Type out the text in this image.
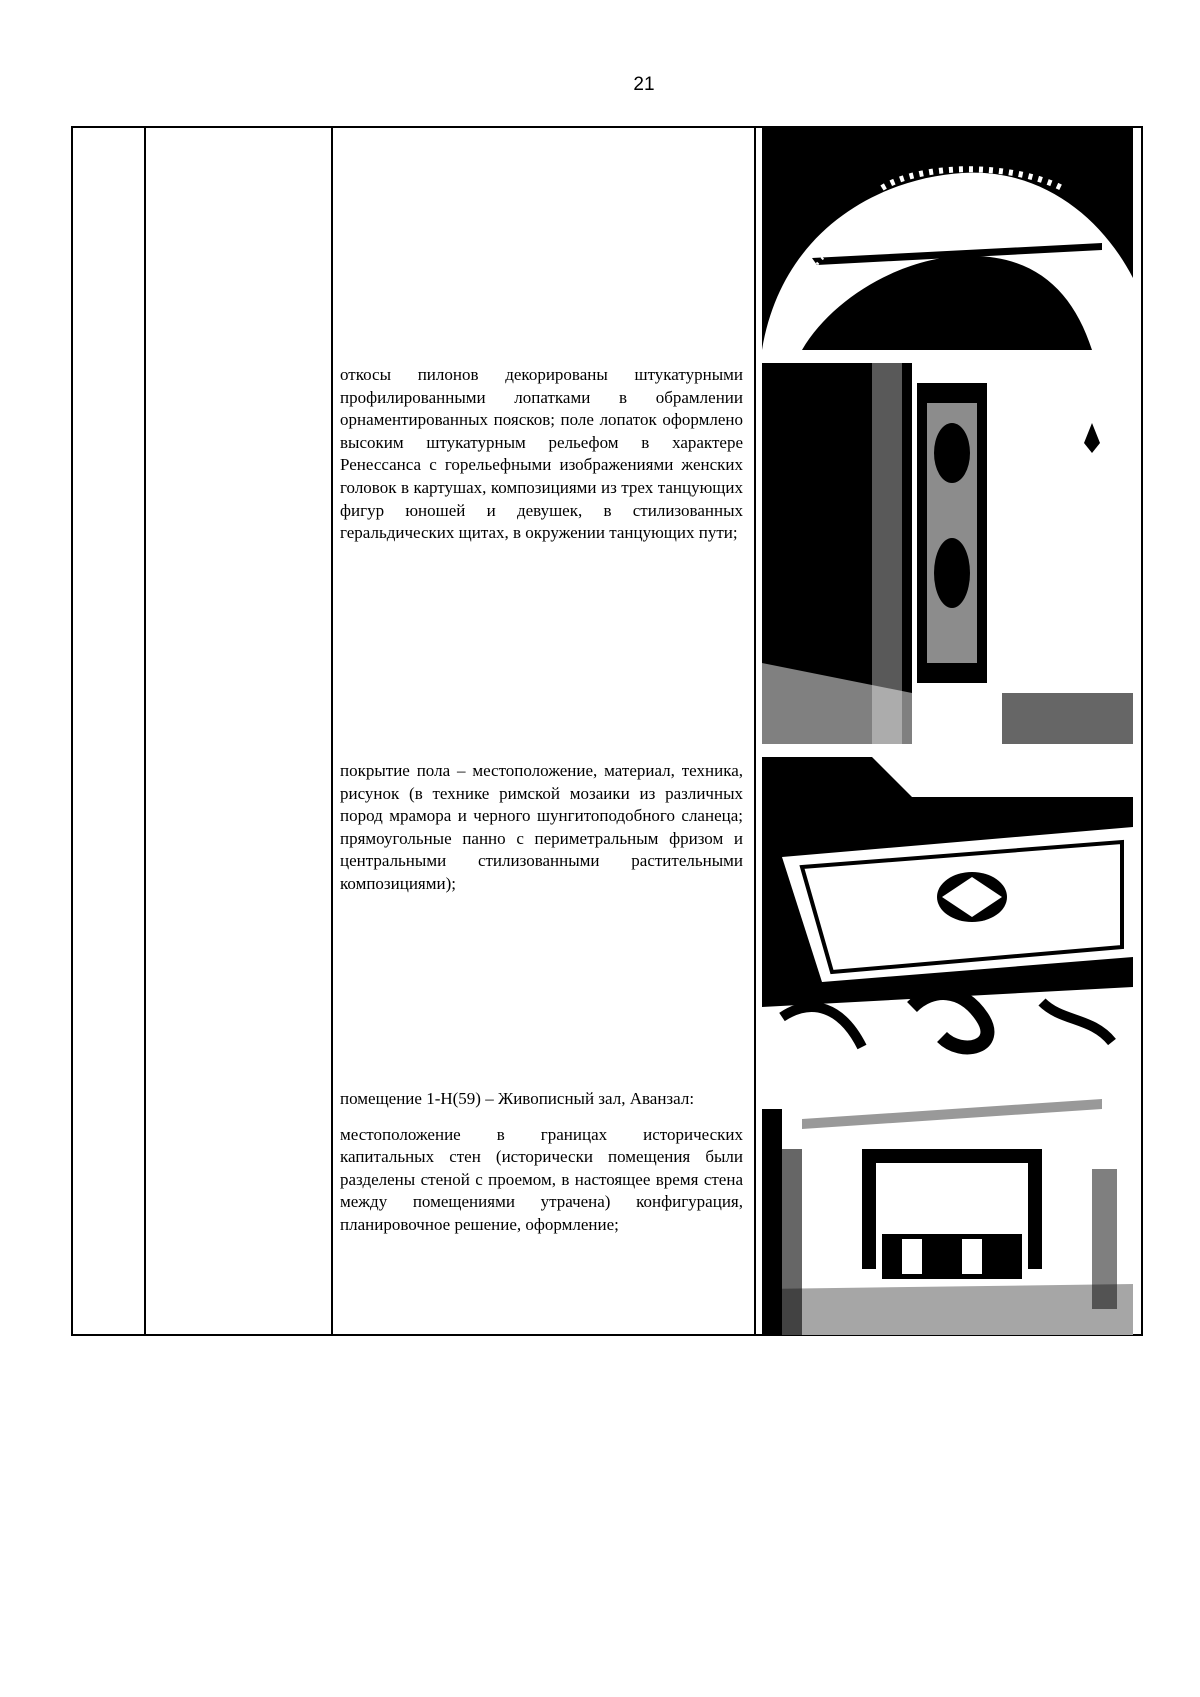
21

откосы пилонов декорированы штукатурными профилированными лопатками в обрамлении орнаментированных поясков; поле лопаток оформлено высоким штукатурным рельефом в характере Ренессанса с горельефными изображениями женских головок в картушах, композициями из трех танцующих фигур юношей и девушек, в стилизованных геральдических щитах, в окружении танцующих пути;

покрытие пола – местоположение, материал, техника, рисунок (в технике римской мозаики из различных пород мрамора и черного шунгитоподобного сланеца; прямоугольные панно с периметральным фризом и центральными стилизованными растительными композициями);

помещение 1-Н(59) – Живописный зал, Аванзал:

местоположение в границах исторических капитальных стен (исторически помещения были разделены стеной с проемом, в настоящее время стена между помещениями утрачена) конфигурация, планировочное решение, оформление;
